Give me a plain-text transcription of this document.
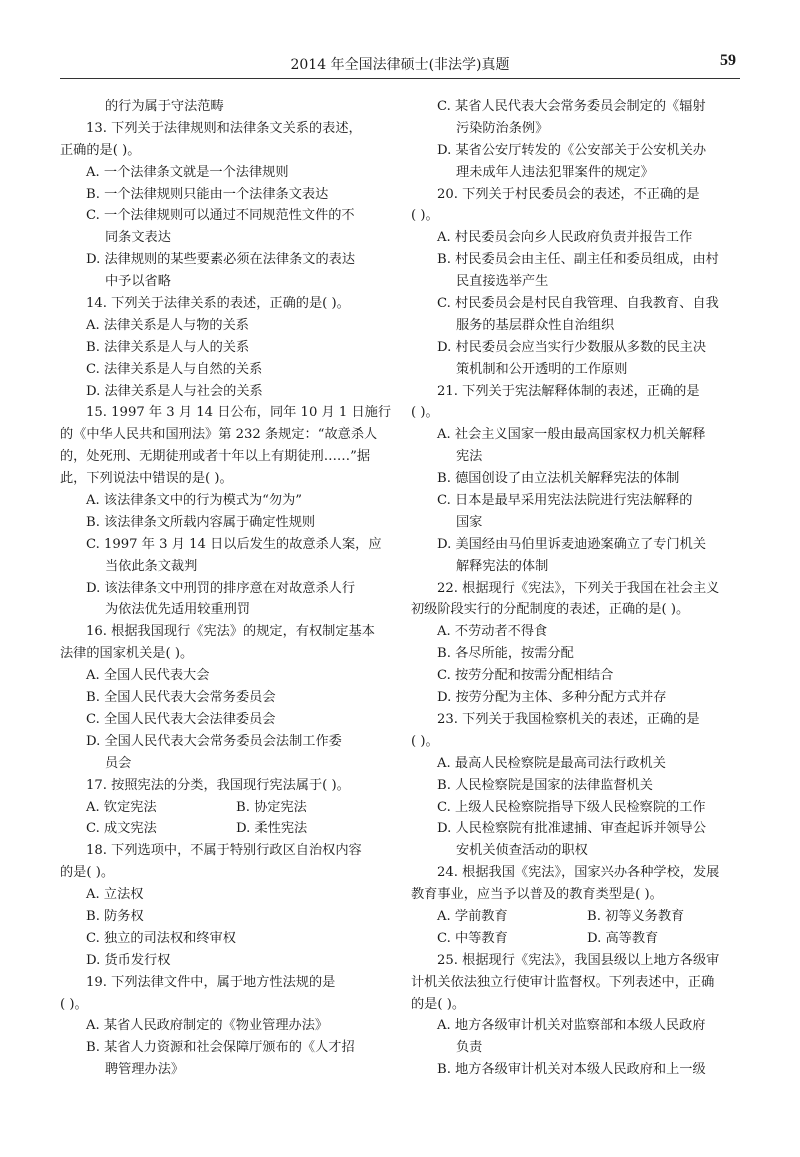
2014 年全国法律硕士(非法学)真题	59
的行为属于守法范畴
13. 下列关于法律规则和法律条文关系的表述，
正确的是( )。
A. 一个法律条文就是一个法律规则
B. 一个法律规则只能由一个法律条文表达
C. 一个法律规则可以通过不同规范性文件的不
同条文表达
D. 法律规则的某些要素必须在法律条文的表达
中予以省略
14. 下列关于法律关系的表述，正确的是( )。
A. 法律关系是人与物的关系
B. 法律关系是人与人的关系
C. 法律关系是人与自然的关系
D. 法律关系是人与社会的关系
15. 1997 年 3 月 14 日公布，同年 10 月 1 日施行
的《中华人民共和国刑法》第 232 条规定：“故意杀人
的，处死刑、无期徒刑或者十年以上有期徒刑……”据
此，下列说法中错误的是( )。
A. 该法律条文中的行为模式为“勿为”
B. 该法律条文所载内容属于确定性规则
C. 1997 年 3 月 14 日以后发生的故意杀人案，应
当依此条文裁判
D. 该法律条文中刑罚的排序意在对故意杀人行
为依法优先适用较重刑罚
16. 根据我国现行《宪法》的规定，有权制定基本
法律的国家机关是( )。
A. 全国人民代表大会
B. 全国人民代表大会常务委员会
C. 全国人民代表大会法律委员会
D. 全国人民代表大会常务委员会法制工作委
员会
17. 按照宪法的分类，我国现行宪法属于( )。
A. 钦定宪法	B. 协定宪法
C. 成文宪法	D. 柔性宪法
18. 下列选项中，不属于特别行政区自治权内容
的是( )。
A. 立法权
B. 防务权
C. 独立的司法权和终审权
D. 货币发行权
19. 下列法律文件中，属于地方性法规的是
( )。
A. 某省人民政府制定的《物业管理办法》
B. 某省人力资源和社会保障厅颁布的《人才招
聘管理办法》
C. 某省人民代表大会常务委员会制定的《辐射
污染防治条例》
D. 某省公安厅转发的《公安部关于公安机关办
理未成年人违法犯罪案件的规定》
20. 下列关于村民委员会的表述，不正确的是
( )。
A. 村民委员会向乡人民政府负责并报告工作
B. 村民委员会由主任、副主任和委员组成，由村
民直接选举产生
C. 村民委员会是村民自我管理、自我教育、自我
服务的基层群众性自治组织
D. 村民委员会应当实行少数服从多数的民主决
策机制和公开透明的工作原则
21. 下列关于宪法解释体制的表述，正确的是
( )。
A. 社会主义国家一般由最高国家权力机关解释
宪法
B. 德国创设了由立法机关解释宪法的体制
C. 日本是最早采用宪法法院进行宪法解释的
国家
D. 美国经由马伯里诉麦迪逊案确立了专门机关
解释宪法的体制
22. 根据现行《宪法》，下列关于我国在社会主义
初级阶段实行的分配制度的表述，正确的是( )。
A. 不劳动者不得食
B. 各尽所能，按需分配
C. 按劳分配和按需分配相结合
D. 按劳分配为主体、多种分配方式并存
23. 下列关于我国检察机关的表述，正确的是
( )。
A. 最高人民检察院是最高司法行政机关
B. 人民检察院是国家的法律监督机关
C. 上级人民检察院指导下级人民检察院的工作
D. 人民检察院有批准逮捕、审查起诉并领导公
安机关侦查活动的职权
24. 根据我国《宪法》，国家兴办各种学校，发展
教育事业，应当予以普及的教育类型是( )。
A. 学前教育	B. 初等义务教育
C. 中等教育	D. 高等教育
25. 根据现行《宪法》，我国县级以上地方各级审
计机关依法独立行使审计监督权。下列表述中，正确
的是( )。
A. 地方各级审计机关对监察部和本级人民政府
负责
B. 地方各级审计机关对本级人民政府和上一级
